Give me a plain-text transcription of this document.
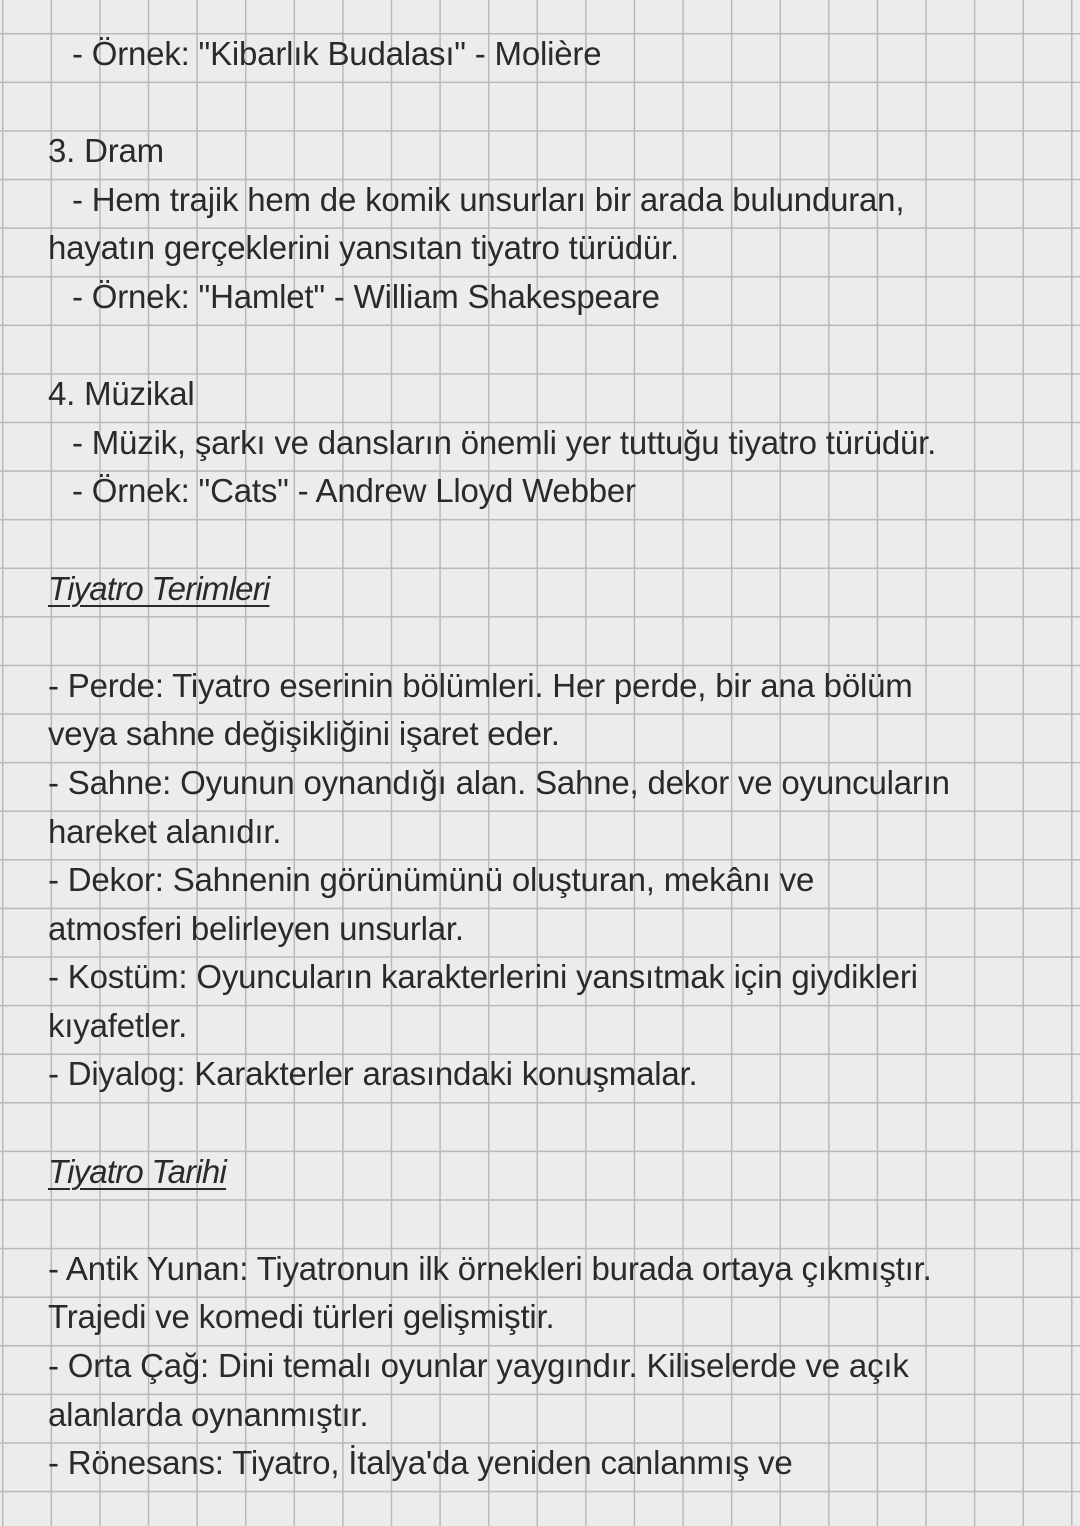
- Örnek: "Kibarlık Budalası" - Molière
3. Dram
- Hem trajik hem de komik unsurları bir arada bulunduran,
hayatın gerçeklerini yansıtan tiyatro türüdür.
- Örnek: "Hamlet" - William Shakespeare
4. Müzikal
- Müzik, şarkı ve dansların önemli yer tuttuğu tiyatro türüdür.
- Örnek: "Cats" - Andrew Lloyd Webber
Tiyatro Terimleri
- Perde: Tiyatro eserinin bölümleri. Her perde, bir ana bölüm
veya sahne değişikliğini işaret eder.
- Sahne: Oyunun oynandığı alan. Sahne, dekor ve oyuncuların
hareket alanıdır.
- Dekor: Sahnenin görünümünü oluşturan, mekânı ve
atmosferi belirleyen unsurlar.
- Kostüm: Oyuncuların karakterlerini yansıtmak için giydikleri
kıyafetler.
- Diyalog: Karakterler arasındaki konuşmalar.
Tiyatro Tarihi
- Antik Yunan: Tiyatronun ilk örnekleri burada ortaya çıkmıştır.
Trajedi ve komedi türleri gelişmiştir.
- Orta Çağ: Dini temalı oyunlar yaygındır. Kiliselerde ve açık
alanlarda oynanmıştır.
- Rönesans: Tiyatro, İtalya'da yeniden canlanmış ve
